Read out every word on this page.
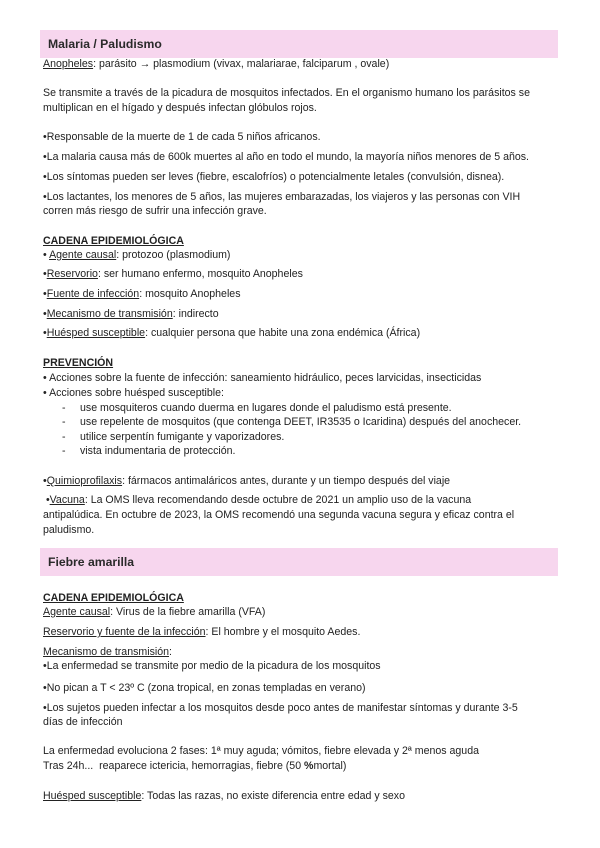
Malaria / Paludismo
Anopheles: parásito → plasmodium (vivax, malariarae, falciparum , ovale)
Se transmite a través de la picadura de mosquitos infectados. En el organismo humano los parásitos se
multiplican en el hígado y después infectan glóbulos rojos.
•Responsable de la muerte de 1 de cada 5 niños africanos.
•La malaria causa más de 600k muertes al año en todo el mundo, la mayoría niños menores de 5 años.
•Los síntomas pueden ser leves (fiebre, escalofríos) o potencialmente letales (convulsión, disnea).
•Los lactantes, los menores de 5 años, las mujeres embarazadas, los viajeros y las personas con VIH
corren más riesgo de sufrir una infección grave.
CADENA EPIDEMIOLÓGICA
• Agente causal: protozoo (plasmodium)
•Reservorio: ser humano enfermo, mosquito Anopheles
•Fuente de infección: mosquito Anopheles
•Mecanismo de transmisión: indirecto
•Huésped susceptible: cualquier persona que habite una zona endémica (África)
PREVENCIÓN
• Acciones sobre la fuente de infección: saneamiento hidráulico, peces larvicidas, insecticidas
• Acciones sobre huésped susceptible:
- use mosquiteros cuando duerma en lugares donde el paludismo está presente.
- use repelente de mosquitos (que contenga DEET, IR3535 o Icaridina) después del anochecer.
- utilice serpentín fumigante y vaporizadores.
- vista indumentaria de protección.
•Quimioprofilaxis: fármacos antimaláricos antes, durante y un tiempo después del viaje
•Vacuna: La OMS lleva recomendando desde octubre de 2021 un amplio uso de la vacuna
antipalúdica. En octubre de 2023, la OMS recomendó una segunda vacuna segura y eficaz contra el
paludismo.
Fiebre amarilla
CADENA EPIDEMIOLÓGICA
Agente causal: Virus de la fiebre amarilla (VFA)
Reservorio y fuente de la infección: El hombre y el mosquito Aedes.
Mecanismo de transmisión:
•La enfermedad se transmite por medio de la picadura de los mosquitos
•No pican a T < 23º C (zona tropical, en zonas templadas en verano)
•Los sujetos pueden infectar a los mosquitos desde poco antes de manifestar síntomas y durante 3-5
días de infección
La enfermedad evoluciona 2 fases: 1ª muy aguda; vómitos, fiebre elevada y 2ª menos aguda
Tras 24h...  reaparece ictericia, hemorragias, fiebre (50 %mortal)
Huésped susceptible: Todas las razas, no existe diferencia entre edad y sexo
